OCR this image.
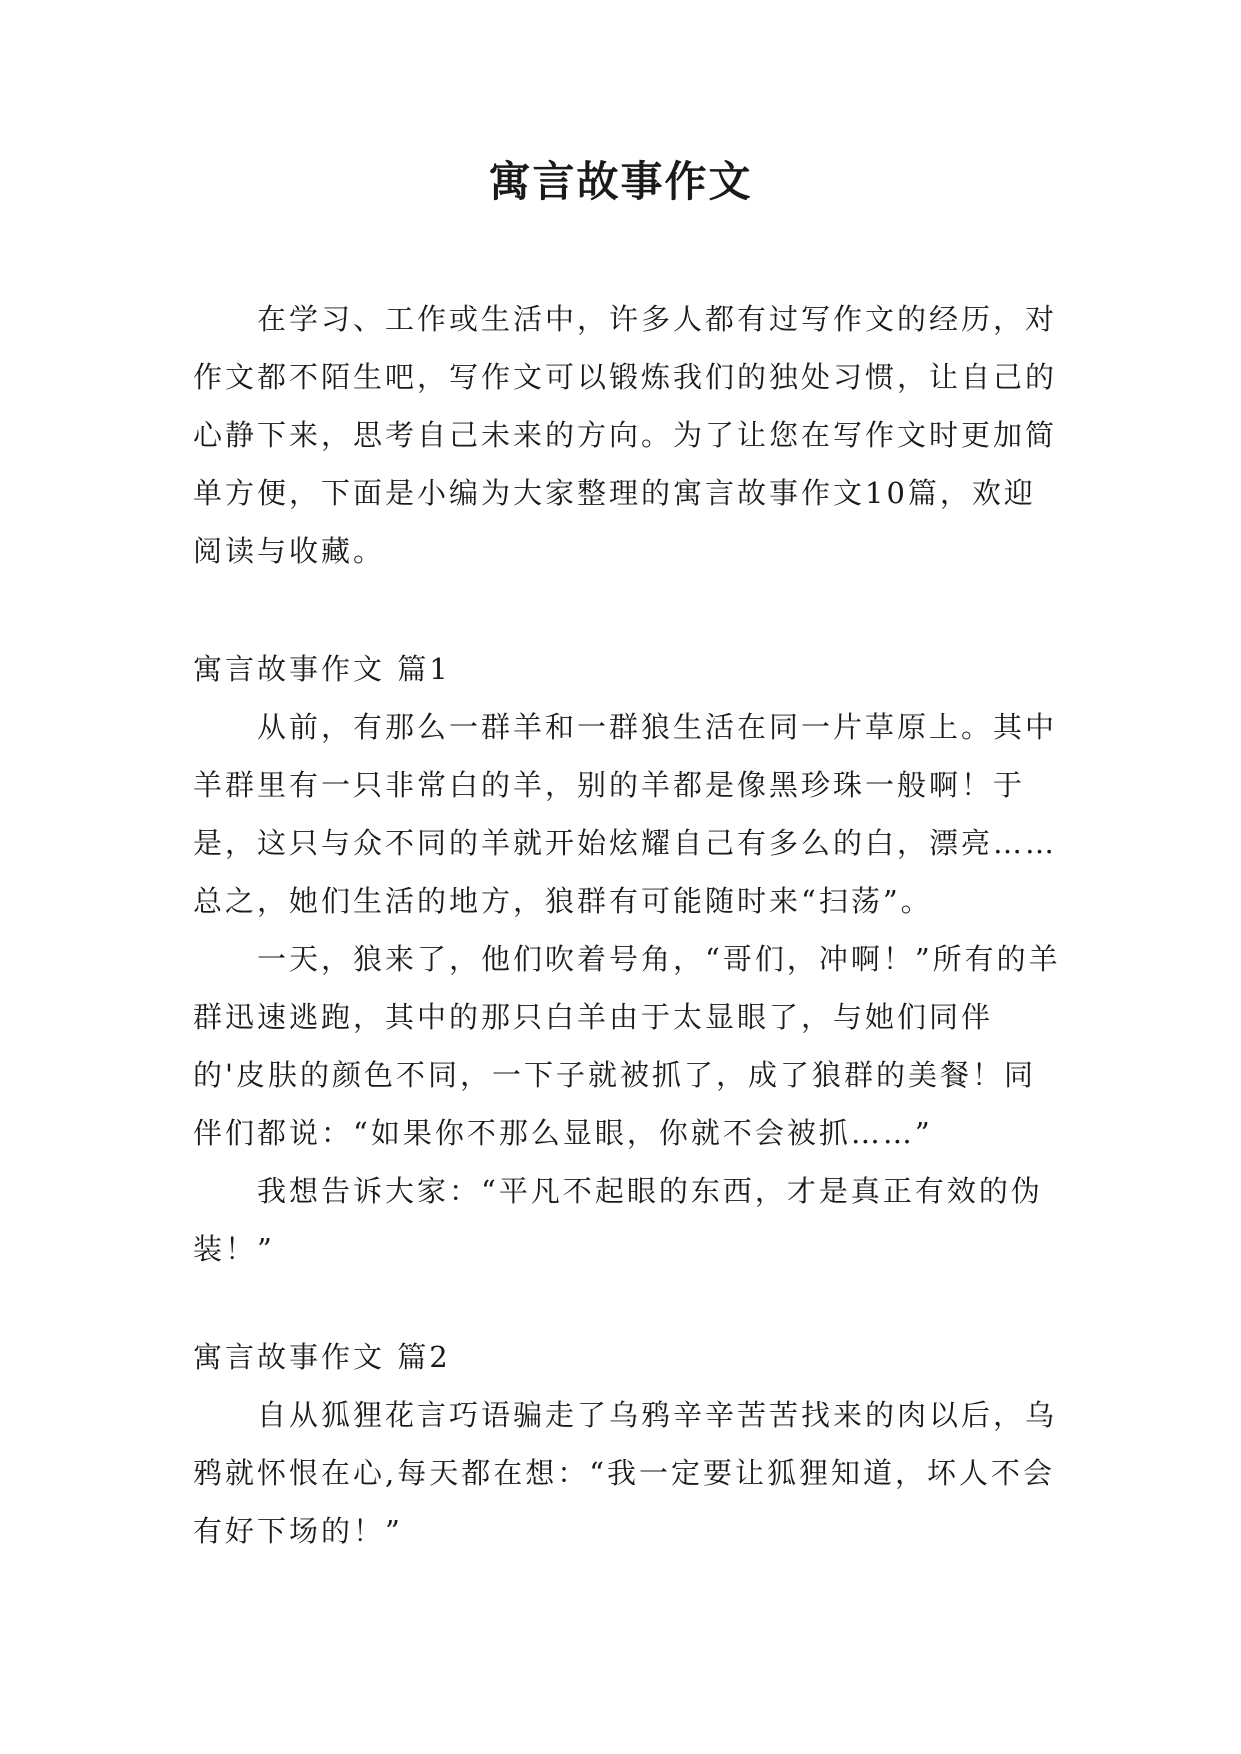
寓言故事作文

在学习、工作或生活中，许多人都有过写作文的经历，对作文都不陌生吧，写作文可以锻炼我们的独处习惯，让自己的心静下来，思考自己未来的方向。为了让您在写作文时更加简单方便，下面是小编为大家整理的寓言故事作文10篇，欢迎阅读与收藏。

寓言故事作文 篇1

从前，有那么一群羊和一群狼生活在同一片草原上。其中羊群里有一只非常白的羊，别的羊都是像黑珍珠一般啊！于是，这只与众不同的羊就开始炫耀自己有多么的白，漂亮……总之，她们生活的地方，狼群有可能随时来“扫荡”。

一天，狼来了，他们吹着号角，“哥们，冲啊！”所有的羊群迅速逃跑，其中的那只白羊由于太显眼了，与她们同伴的'皮肤的颜色不同，一下子就被抓了，成了狼群的美餐！同伴们都说：“如果你不那么显眼，你就不会被抓……”

我想告诉大家：“平凡不起眼的东西，才是真正有效的伪装！”

寓言故事作文 篇2

自从狐狸花言巧语骗走了乌鸦辛辛苦苦找来的肉以后，乌鸦就怀恨在心,每天都在想：“我一定要让狐狸知道，坏人不会有好下场的！”
